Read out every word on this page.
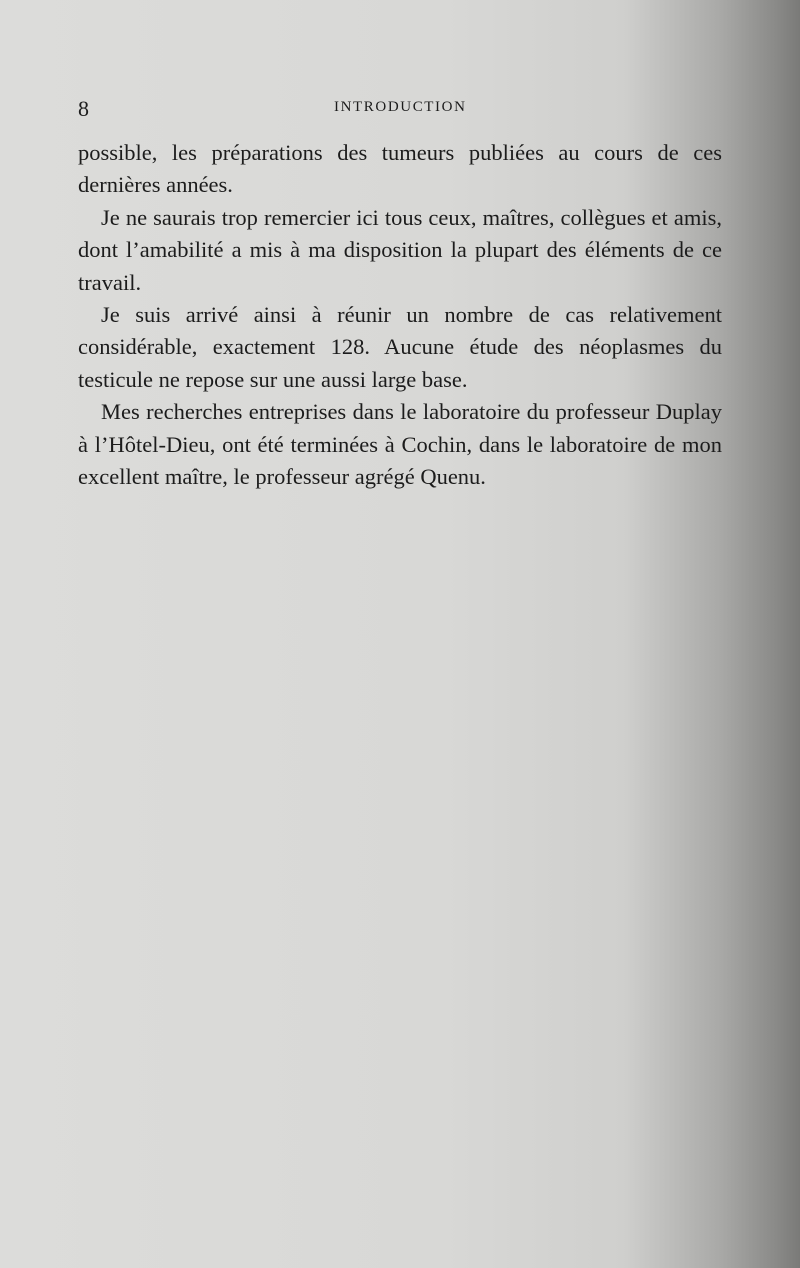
8	INTRODUCTION

possible, les préparations des tumeurs publiées au cours de ces dernières années.

Je ne saurais trop remercier ici tous ceux, maîtres, collègues et amis, dont l’amabilité a mis à ma disposition la plupart des éléments de ce travail.

Je suis arrivé ainsi à réunir un nombre de cas relativement considérable, exactement 128. Aucune étude des néoplasmes du testicule ne repose sur une aussi large base.

Mes recherches entreprises dans le laboratoire du professeur Duplay à l’Hôtel-Dieu, ont été terminées à Cochin, dans le laboratoire de mon excellent maître, le professeur agrégé Quenu.
